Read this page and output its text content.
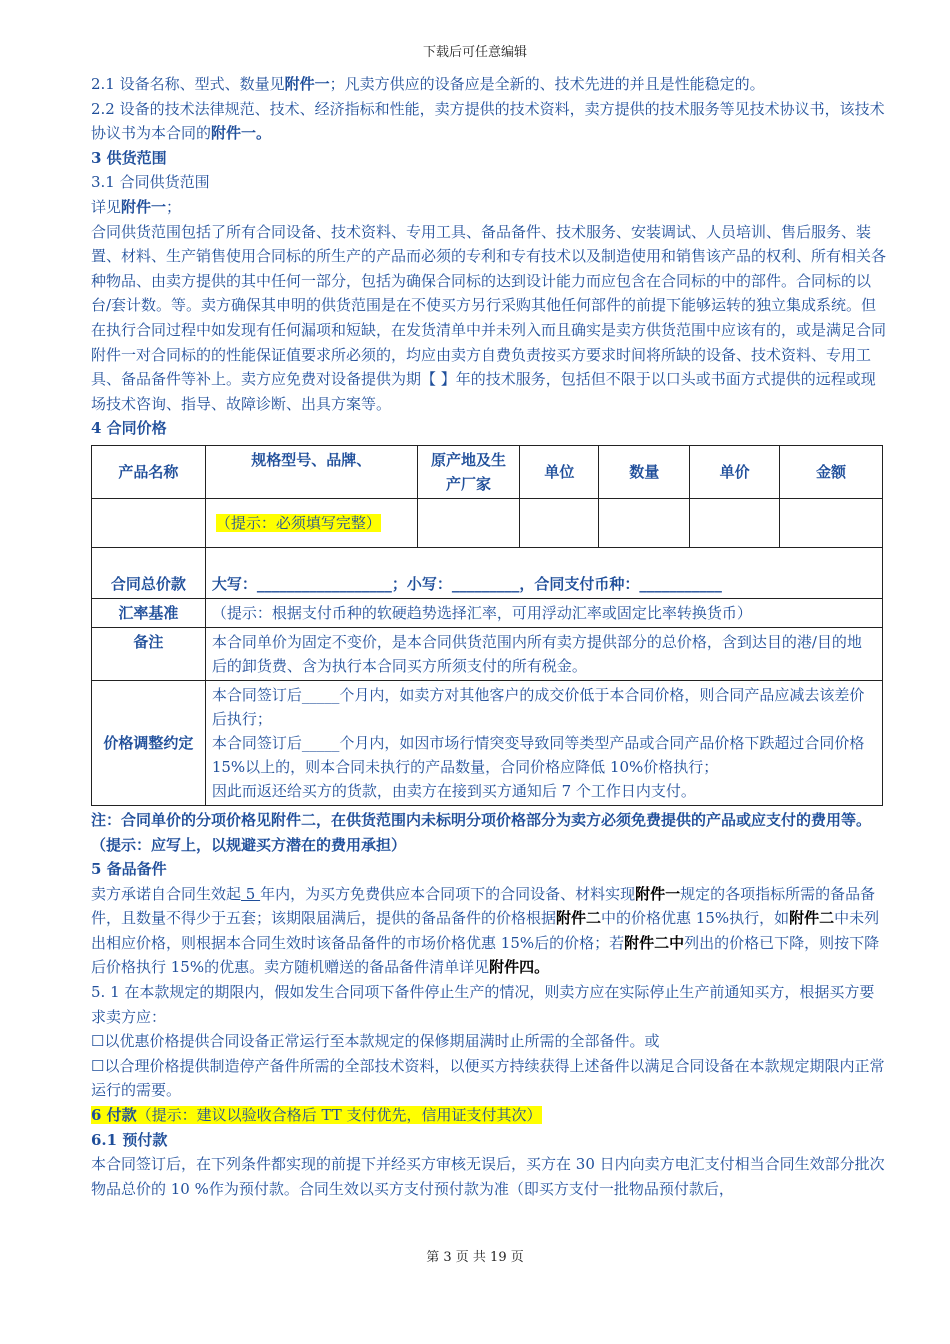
下载后可任意编辑

2.1 设备名称、型式、数量见附件一；凡卖方供应的设备应是全新的、技术先进的并且是性能稳定的。

2.2 设备的技术法律规范、技术、经济指标和性能，卖方提供的技术资料，卖方提供的技术服务等见技术协议书，该技术协议书为本合同的附件一。

3 供货范围

3.1 合同供货范围

详见附件一；

合同供货范围包括了所有合同设备、技术资料、专用工具、备品备件、技术服务、安装调试、人员培训、售后服务、装置、材料、生产销售使用合同标的所生产的产品而必须的专利和专有技术以及制造使用和销售该产品的权利、所有相关各种物品、由卖方提供的其中任何一部分，包括为确保合同标的达到设计能力而应包含在合同标的中的部件。合同标的以台/套计数。等。卖方确保其申明的供货范围是在不使买方另行采购其他任何部件的前提下能够运转的独立集成系统。但在执行合同过程中如发现有任何漏项和短缺，在发货清单中并未列入而且确实是卖方供货范围中应该有的，或是满足合同附件一对合同标的的性能保证值要求所必须的，均应由卖方自费负责按买方要求时间将所缺的设备、技术资料、专用工具、备品备件等补上。卖方应免费对设备提供为期【 】年的技术服务，包括但不限于以口头或书面方式提供的远程或现场技术咨询、指导、故障诊断、出具方案等。

4 合同价格

产品名称	规格型号、品牌、	原产地及生产厂家	单位	数量	单价	金额
	（提示：必须填写完整）					
合同总价款	大写：__________________；小写：_________，合同支付币种：___________					
汇率基准	（提示：根据支付币种的软硬趋势选择汇率，可用浮动汇率或固定比率转换货币）					
备注	本合同单价为固定不变价，是本合同供货范围内所有卖方提供部分的总价格，含到达目的港/目的地后的卸货费、含为执行本合同买方所须支付的所有税金。					
价格调整约定	本合同签订后_____个月内，如卖方对其他客户的成交价低于本合同价格，则合同产品应减去该差价后执行；
本合同签订后_____个月内，如因市场行情突变导致同等类型产品或合同产品价格下跌超过合同价格 15%以上的，则本合同未执行的产品数量，合同价格应降低 10%价格执行；
因此而返还给买方的货款，由卖方在接到买方通知后 7 个工作日内支付。					

注：合同单价的分项价格见附件二，在供货范围内未标明分项价格部分为卖方必须免费提供的产品或应支付的费用等。（提示：应写上，以规避买方潜在的费用承担）

5 备品备件

卖方承诺自合同生效起 5 年内，为买方免费供应本合同项下的合同设备、材料实现附件一规定的各项指标所需的备品备件，且数量不得少于五套；该期限届满后，提供的备品备件的价格根据附件二中的价格优惠 15%执行，如附件二中未列出相应价格，则根据本合同生效时该备品备件的市场价格优惠 15%后的价格；若附件二中列出的价格已下降，则按下降后价格执行 15%的优惠。卖方随机赠送的备品备件清单详见附件四。

5. 1 在本款规定的期限内，假如发生合同项下备件停止生产的情况，则卖方应在实际停止生产前通知买方，根据买方要求卖方应：

☐以优惠价格提供合同设备正常运行至本款规定的保修期届满时止所需的全部备件。或

☐以合理价格提供制造停产备件所需的全部技术资料，以便买方持续获得上述备件以满足合同设备在本款规定期限内正常运行的需要。

6 付款（提示：建议以验收合格后 TT 支付优先，信用证支付其次）

6.1 预付款

本合同签订后，在下列条件都实现的前提下并经买方审核无误后，买方在 30 日内向卖方电汇支付相当合同生效部分批次物品总价的 10 %作为预付款。合同生效以买方支付预付款为准（即买方支付一批物品预付款后，

第 3 页 共 19 页
